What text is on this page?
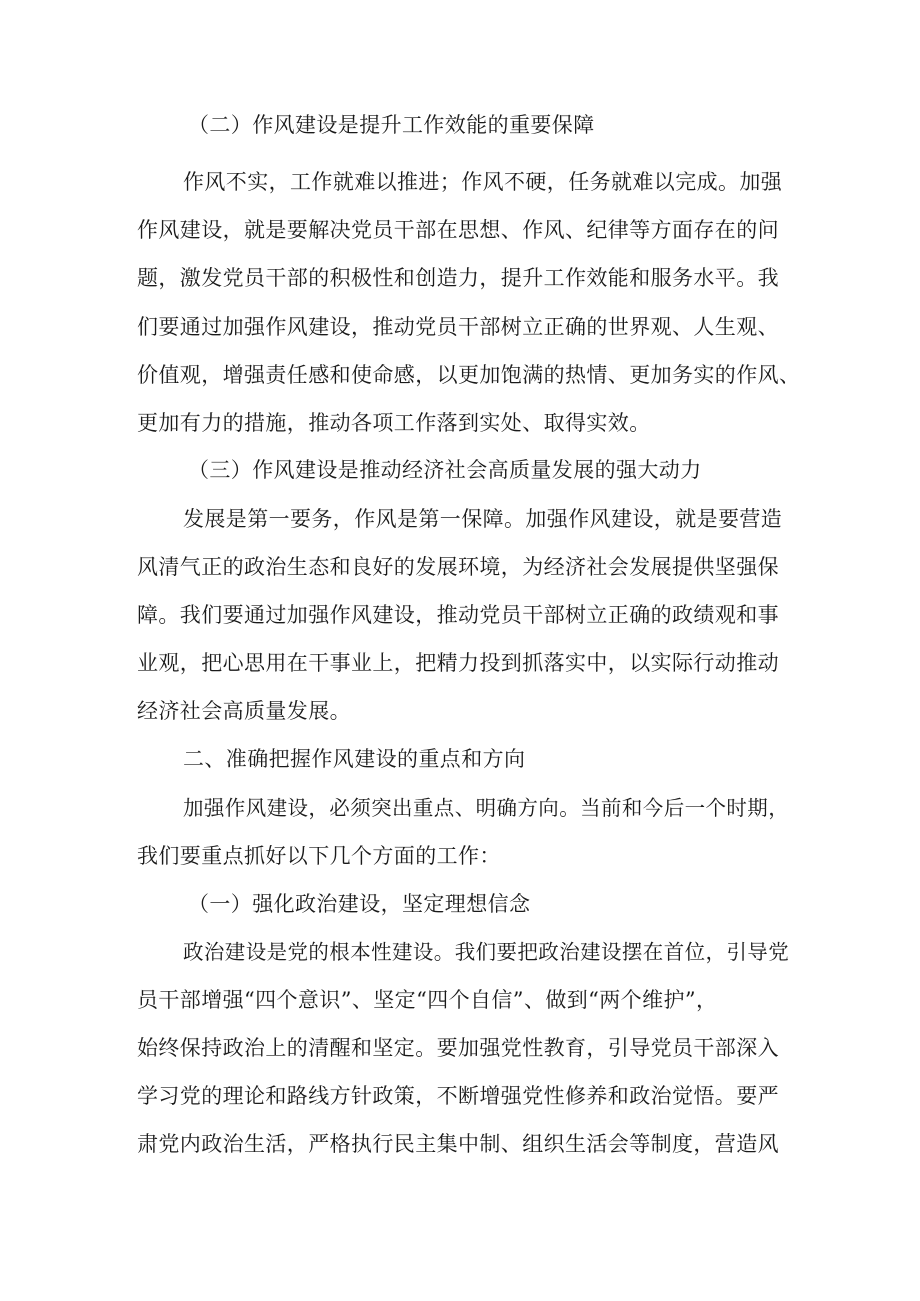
（二）作风建设是提升工作效能的重要保障
作风不实，工作就难以推进；作风不硬，任务就难以完成。加强
作风建设，就是要解决党员干部在思想、作风、纪律等方面存在的问
题，激发党员干部的积极性和创造力，提升工作效能和服务水平。我
们要通过加强作风建设，推动党员干部树立正确的世界观、人生观、
价值观，增强责任感和使命感，以更加饱满的热情、更加务实的作风、
更加有力的措施，推动各项工作落到实处、取得实效。
（三）作风建设是推动经济社会高质量发展的强大动力
发展是第一要务，作风是第一保障。加强作风建设，就是要营造
风清气正的政治生态和良好的发展环境，为经济社会发展提供坚强保
障。我们要通过加强作风建设，推动党员干部树立正确的政绩观和事
业观，把心思用在干事业上，把精力投到抓落实中，以实际行动推动
经济社会高质量发展。
二、准确把握作风建设的重点和方向
加强作风建设，必须突出重点、明确方向。当前和今后一个时期，
我们要重点抓好以下几个方面的工作：
（一）强化政治建设，坚定理想信念
政治建设是党的根本性建设。我们要把政治建设摆在首位，引导党
员干部增强“四个意识”、坚定“四个自信”、做到“两个维护”，
始终保持政治上的清醒和坚定。要加强党性教育，引导党员干部深入
学习党的理论和路线方针政策，不断增强党性修养和政治觉悟。要严
肃党内政治生活，严格执行民主集中制、组织生活会等制度，营造风
